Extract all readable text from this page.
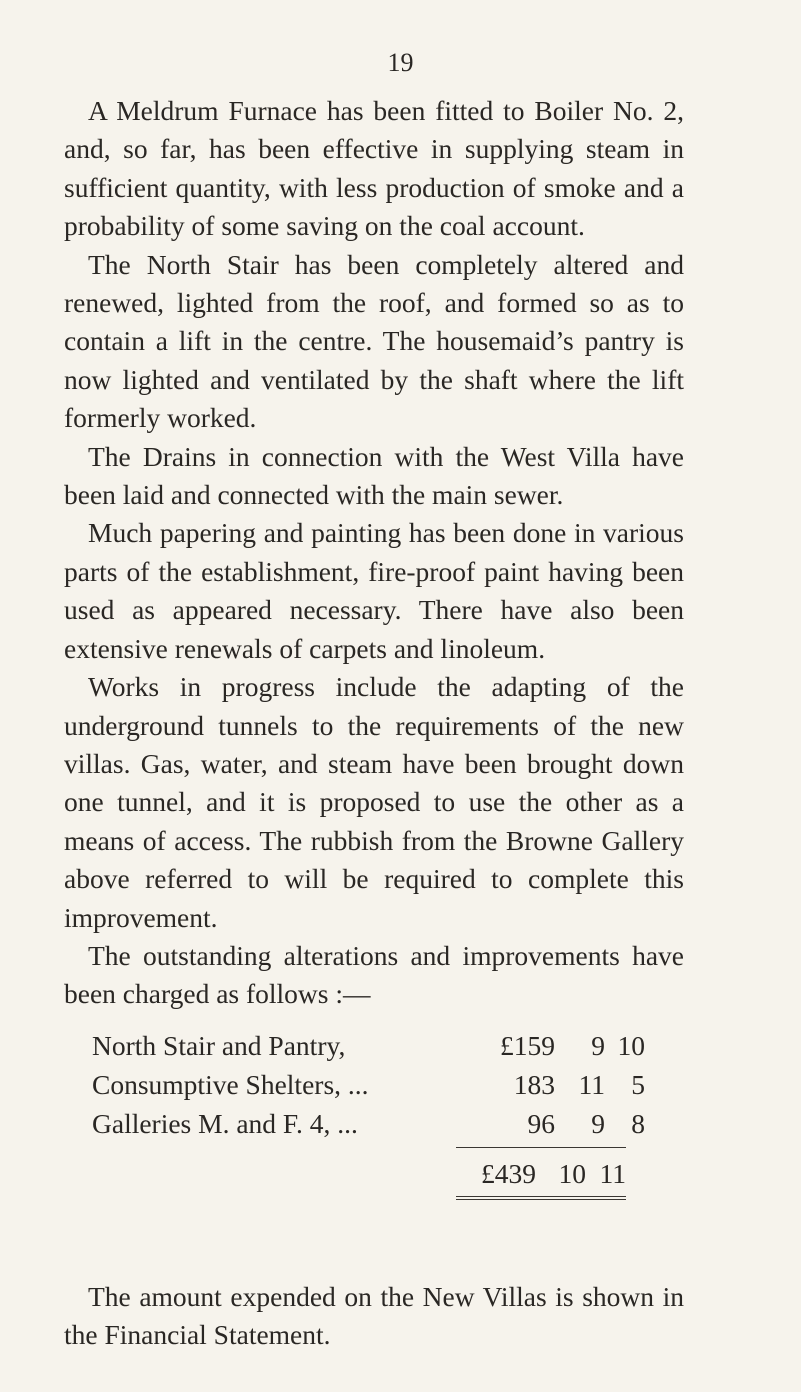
19

A Meldrum Furnace has been fitted to Boiler No. 2, and, so far, has been effective in supplying steam in sufficient quantity, with less production of smoke and a probability of some saving on the coal account.

The North Stair has been completely altered and renewed, lighted from the roof, and formed so as to contain a lift in the centre. The housemaid’s pantry is now lighted and ventilated by the shaft where the lift formerly worked.

The Drains in connection with the West Villa have been laid and connected with the main sewer.

Much papering and painting has been done in various parts of the establishment, fire-proof paint having been used as appeared necessary. There have also been extensive renewals of carpets and linoleum.

Works in progress include the adapting of the underground tunnels to the requirements of the new villas. Gas, water, and steam have been brought down one tunnel, and it is proposed to use the other as a means of access. The rubbish from the Browne Gallery above referred to will be required to complete this improvement.

The outstanding alterations and improvements have been charged as follows :—

North Stair and Pantry,	£159	9 10
Consumptive Shelters, ...	183 11 5
Galleries M. and F. 4, ...	96	9 8
£439 10 11

The amount expended on the New Villas is shown in the Financial Statement.
